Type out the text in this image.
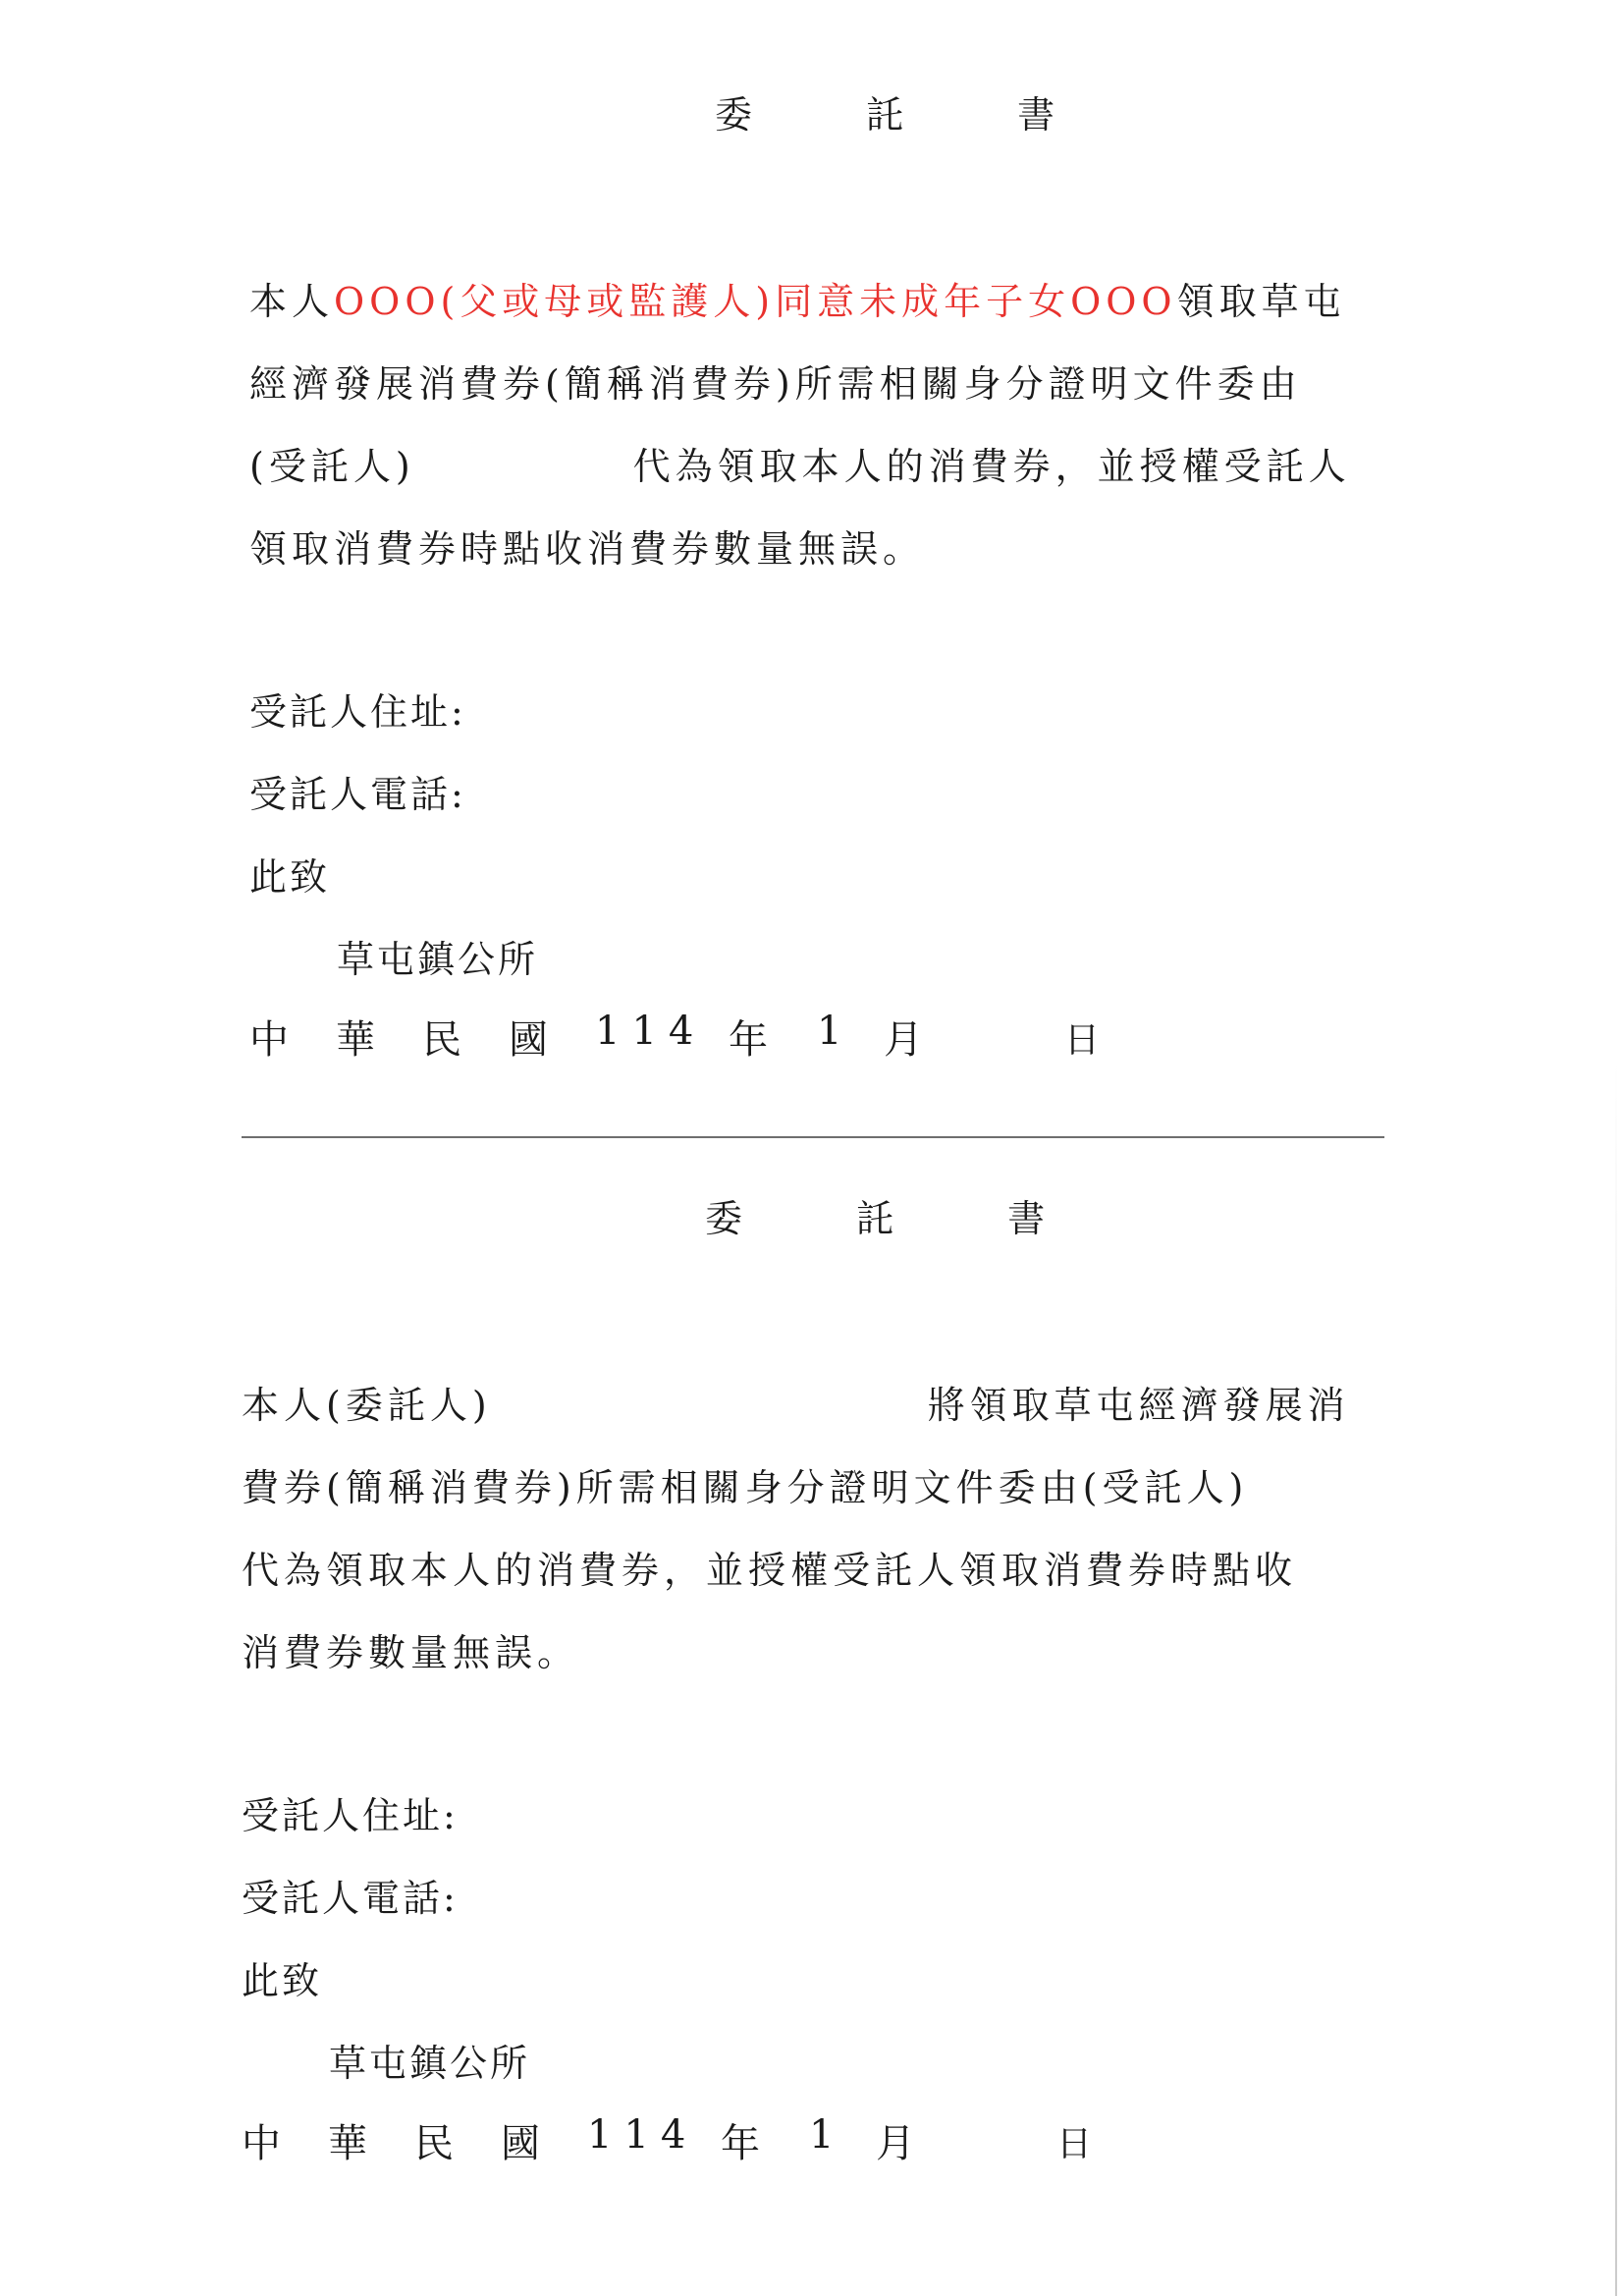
委 託 書
本人OOO(父或母或監護人)同意未成年子女OOO領取草屯
經濟發展消費券(簡稱消費券)所需相關身分證明文件委由
(受託人)	代為領取本人的消費券，並授權受託人
領取消費券時點收消費券數量無誤。
受託人住址:
受託人電話:
此致
草屯鎮公所
中 華 民 國 114 年 1 月	日
委 託 書
本人(委託人)	將領取草屯經濟發展消
費券(簡稱消費券)所需相關身分證明文件委由(受託人)
代為領取本人的消費券，並授權受託人領取消費券時點收
消費券數量無誤。
受託人住址:
受託人電話:
此致
草屯鎮公所
中 華 民 國 114 年 1 月	日
